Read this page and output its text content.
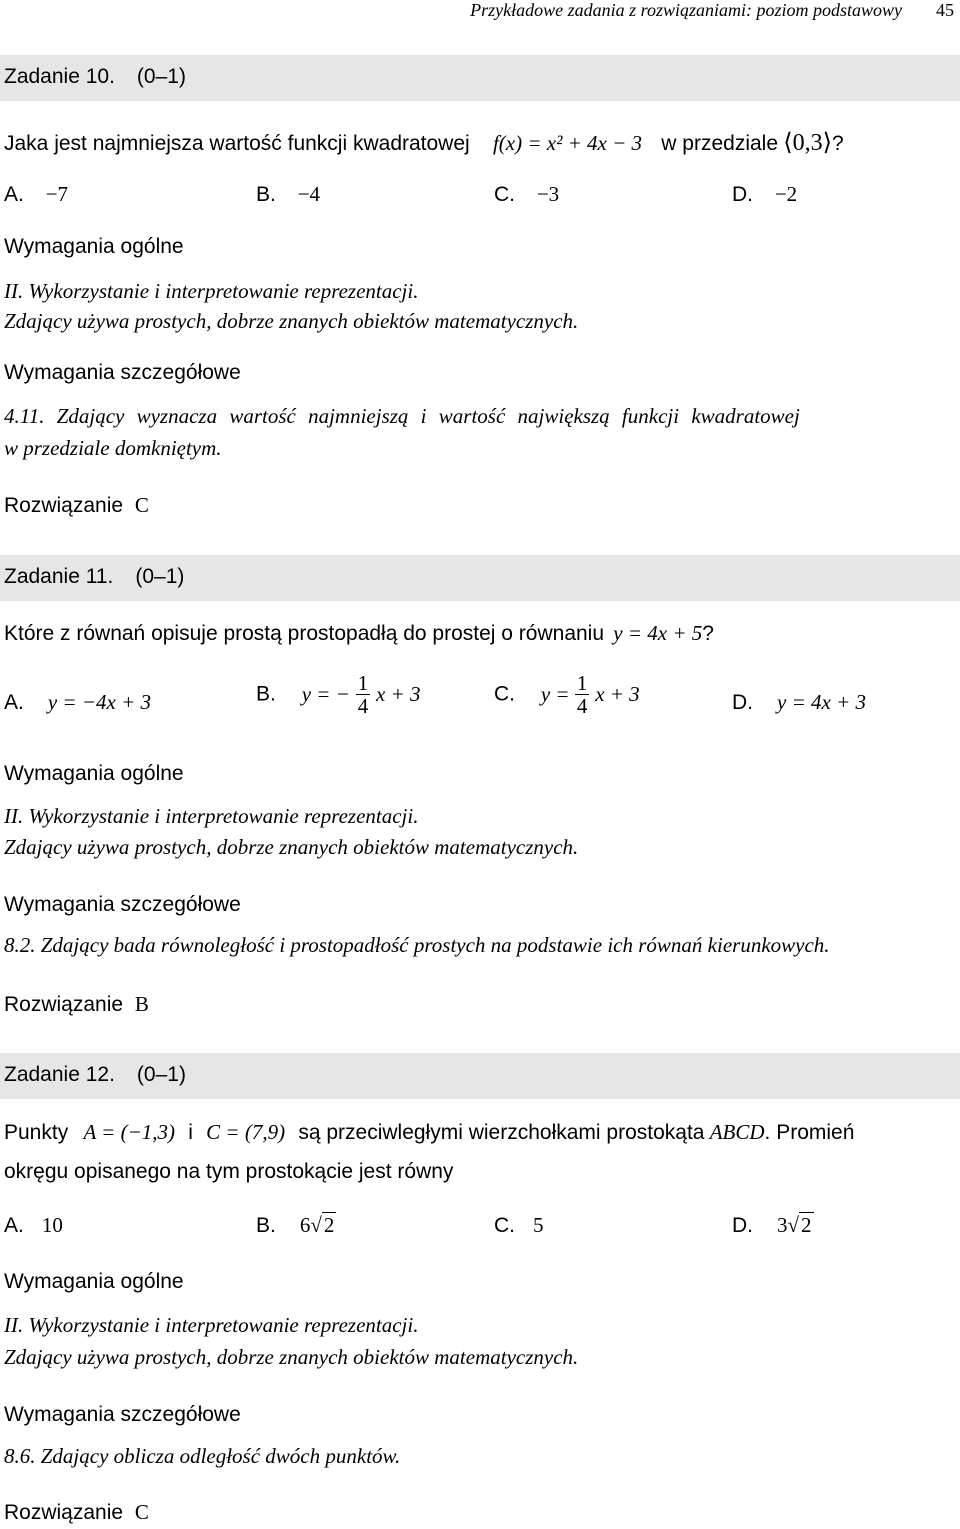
Przykładowe zadania z rozwiązaniami: poziom podstawowy 45
Zadanie 10. (0–1)
Jaka jest najmniejsza wartość funkcji kwadratowej f(x) = x² + 4x − 3 w przedziale ⟨0,3⟩?
A. −7	B. −4	C. −3	D. −2
Wymagania ogólne
II. Wykorzystanie i interpretowanie reprezentacji.
Zdający używa prostych, dobrze znanych obiektów matematycznych.
Wymagania szczegółowe
4.11. Zdający wyznacza wartość najmniejszą i wartość największą funkcji kwadratowej
w przedziale domkniętym.
Rozwiązanie C
Zadanie 11. (0–1)
Które z równań opisuje prostą prostopadłą do prostej o równaniu y = 4x + 5?
A. y = −4x + 3	B. y = − $\frac{1}{4}$ x + 3	C. $y = \frac{1}{4}$ x + 3	D. y = 4x + 3
Wymagania ogólne
II. Wykorzystanie i interpretowanie reprezentacji.
Zdający używa prostych, dobrze znanych obiektów matematycznych.
Wymagania szczegółowe
8.2. Zdający bada równoległość i prostopadłość prostych na podstawie ich równań kierunkowych.
Rozwiązanie B
Zadanie 12. (0–1)
Punkty A = (−1,3) i C = (7,9) są przeciwległymi wierzchołkami prostokąta ABCD. Promień
okręgu opisanego na tym prostokącie jest równy
A. 10	B. 6√2	C. 5	D. 3√2
Wymagania ogólne
II. Wykorzystanie i interpretowanie reprezentacji.
Zdający używa prostych, dobrze znanych obiektów matematycznych.
Wymagania szczegółowe
8.6. Zdający oblicza odległość dwóch punktów.
Rozwiązanie C
